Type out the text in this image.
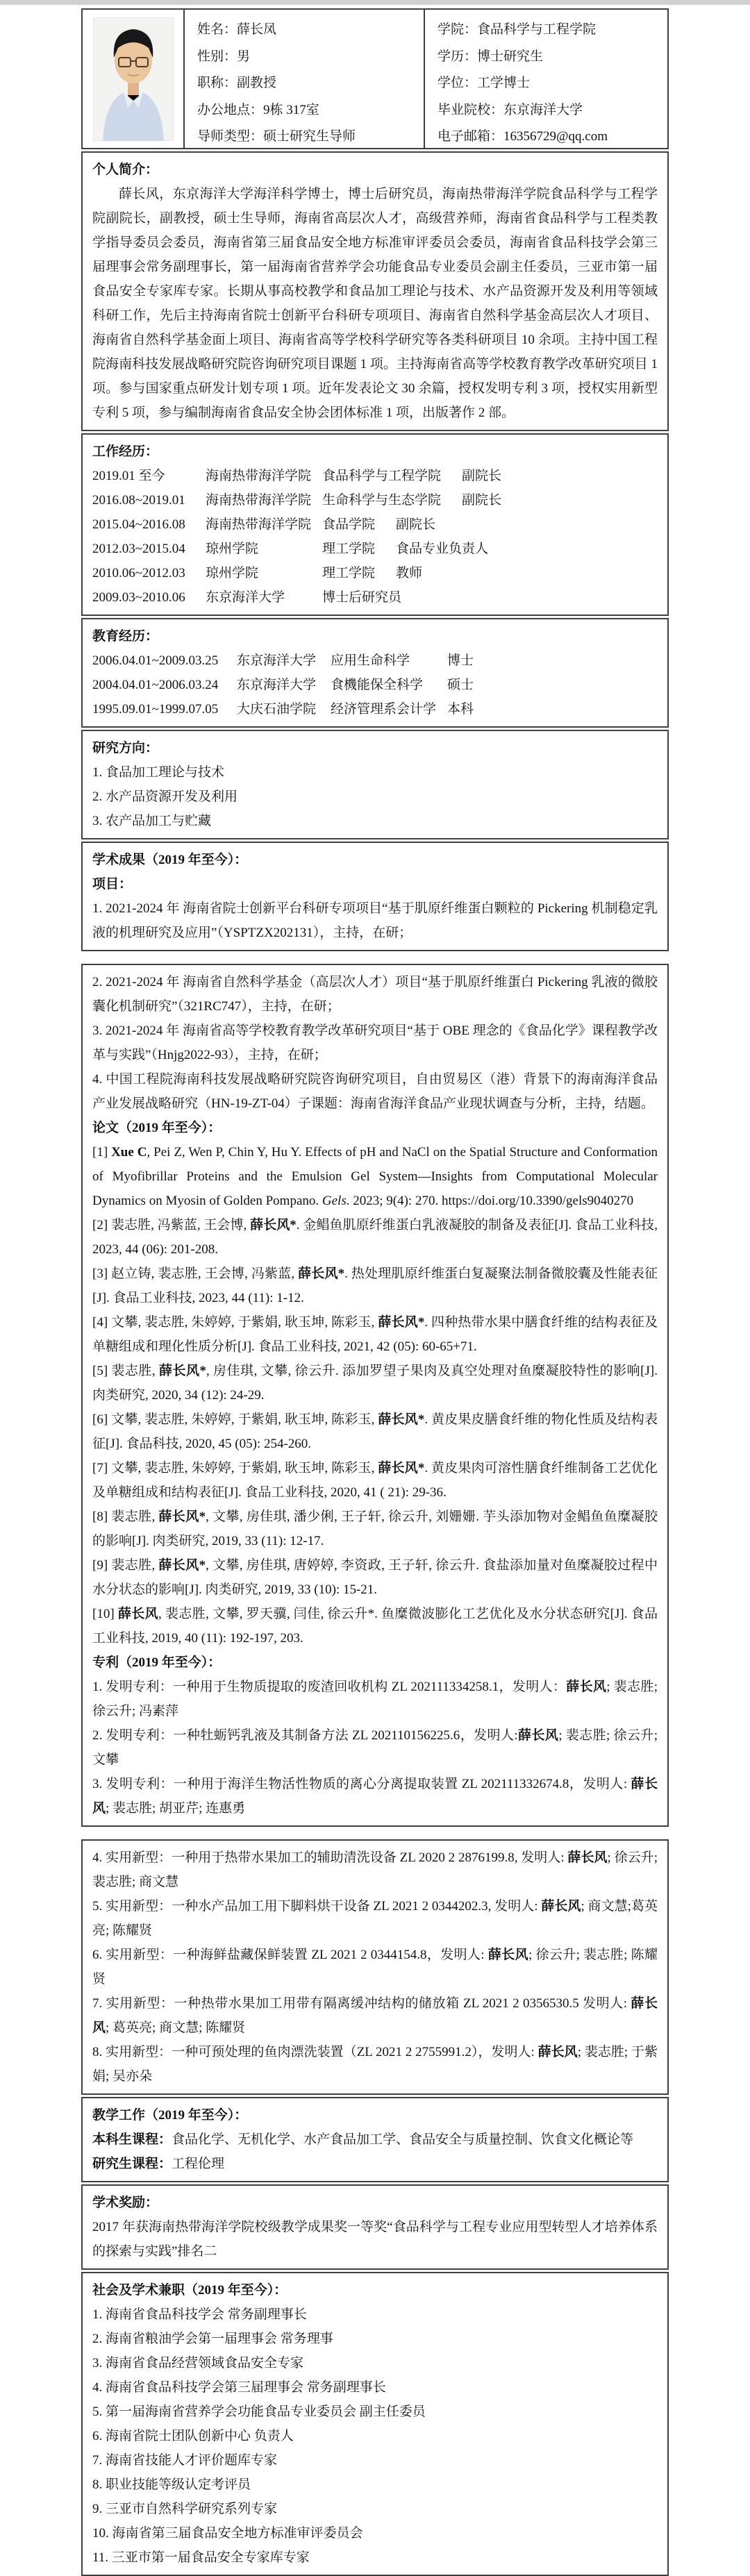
姓名：薛长凤
性别：男
职称：副教授
办公地点：9栋 317室
导师类型：硕士研究生导师
学院：食品科学与工程学院
学历：博士研究生
学位：工学博士
毕业院校：东京海洋大学
电子邮箱：16356729@qq.com
个人简介：

薛长风，东京海洋大学海洋科学博士，博士后研究员，海南热带海洋学院食品科学与工程学院副院长，副教授，硕士生导师，海南省高层次人才，高级营养师，海南省食品科学与工程类教学指导委员会委员，海南省第三届食品安全地方标准审评委员会委员，海南省食品科技学会第三届理事会常务副理事长，第一届海南省营养学会功能食品专业委员会副主任委员，三亚市第一届食品安全专家库专家。长期从事高校教学和食品加工理论与技术、水产品资源开发及利用等领域科研工作，先后主持海南省院士创新平台科研专项项目、海南省自然科学基金高层次人才项目、海南省自然科学基金面上项目、海南省高等学校科学研究等各类科研项目 10 余项。主持中国工程院海南科技发展战略研究院咨询研究项目课题 1 项。主持海南省高等学校教育教学改革研究项目 1 项。参与国家重点研发计划专项 1 项。近年发表论文 30 余篇，授权发明专利 3 项，授权实用新型专利 5 项，参与编制海南省食品安全协会团体标准 1 项，出版著作 2 部。

工作经历：
2019.01 至今	海南热带海洋学院 食品科学与工程学院 副院长
2016.08~2019.01	海南热带海洋学院 生命科学与生态学院 副院长
2015.04~2016.08	海南热带海洋学院 食品学院 副院长
2012.03~2015.04	琼州学院	理工学院 食品专业负责人
2010.06~2012.03	琼州学院	理工学院 教师
2009.03~2010.06	东京海洋大学	博士后研究员
教育经历：
2006.04.01~2009.03.25	东京海洋大学	应用生命科学	博士
2004.04.01~2006.03.24	东京海洋大学	食機能保全科学	硕士
1995.09.01~1999.07.05	大庆石油学院	经济管理系会计学 本科
研究方向：
1. 食品加工理论与技术
2. 水产品资源开发及利用
3. 农产品加工与贮藏
学术成果（2019 年至今）：
项目：

1. 2021-2024 年 海南省院士创新平台科研专项项目“基于肌原纤维蛋白颗粒的 Pickering 机制稳定乳液的机理研究及应用”（YSPTZX202131），主持，在研；

2. 2021-2024 年 海南省自然科学基金（高层次人才）项目“基于肌原纤维蛋白 Pickering 乳液的微胶囊化机制研究”（321RC747），主持，在研；

3. 2021-2024 年 海南省高等学校教育教学改革研究项目“基于 OBE 理念的《食品化学》课程教学改革与实践”（Hnjg2022-93），主持，在研；

4. 中国工程院海南科技发展战略研究院咨询研究项目，自由贸易区（港）背景下的海南海洋食品产业发展战略研究（HN-19-ZT-04）子课题：海南省海洋食品产业现状调查与分析，主持，结题。

论文（2019 年至今）：

[1] Xue C, Pei Z, Wen P, Chin Y, Hu Y. Effects of pH and NaCl on the Spatial Structure and Conformation of Myofibrillar Proteins and the Emulsion Gel System—Insights from Computational Molecular Dynamics on Myosin of Golden Pompano. Gels. 2023; 9(4): 270. https://doi.org/10.3390/gels9040270

[2] 裴志胜, 冯紫蓝, 王会博, 薛长风*. 金鲳鱼肌原纤维蛋白乳液凝胶的制备及表征[J]. 食品工业科技, 2023, 44 (06): 201-208.

[3] 赵立铸, 裴志胜, 王会博, 冯紫蓝, 薛长风*. 热处理肌原纤维蛋白复凝聚法制备微胶囊及性能表征[J]. 食品工业科技, 2023, 44 (11): 1-12.

[4] 文攀, 裴志胜, 朱婷婷, 于紫娟, 耿玉坤, 陈彩玉, 薛长风*. 四种热带水果中膳食纤维的结构表征及单糖组成和理化性质分析[J]. 食品工业科技, 2021, 42 (05): 60-65+71.

[5] 裴志胜, 薛长风*, 房佳琪, 文攀, 徐云升. 添加罗望子果肉及真空处理对鱼糜凝胶特性的影响[J]. 肉类研究, 2020, 34 (12): 24-29.

[6] 文攀, 裴志胜, 朱婷婷, 于紫娟, 耿玉坤, 陈彩玉, 薛长风*. 黄皮果皮膳食纤维的物化性质及结构表征[J]. 食品科技, 2020, 45 (05): 254-260.

[7] 文攀, 裴志胜, 朱婷婷, 于紫娟, 耿玉坤, 陈彩玉, 薛长风*. 黄皮果肉可溶性膳食纤维制备工艺优化及单糖组成和结构表征[J]. 食品工业科技, 2020, 41 ( 21): 29-36.

[8] 裴志胜, 薛长风*, 文攀, 房佳琪, 潘少俐, 王子轩, 徐云升, 刘姗姗. 芋头添加物对金鲳鱼鱼糜凝胶的影响[J]. 肉类研究, 2019, 33 (11): 12-17.

[9] 裴志胜, 薛长风*, 文攀, 房佳琪, 唐婷婷, 李资政, 王子轩, 徐云升. 食盐添加量对鱼糜凝胶过程中水分状态的影响[J]. 肉类研究, 2019, 33 (10): 15-21.

[10] 薛长风, 裴志胜, 文攀, 罗天骥, 闫佳, 徐云升*. 鱼糜微波膨化工艺优化及水分状态研究[J]. 食品工业科技, 2019, 40 (11): 192-197, 203.

专利（2019 年至今）：

1. 发明专利：一种用于生物质提取的废渣回收机构 ZL 202111334258.1，发明人：薛长风; 裴志胜; 徐云升; 冯素萍

2. 发明专利：一种牡蛎钙乳液及其制备方法 ZL 202110156225.6，发明人:薛长风; 裴志胜; 徐云升; 文攀

3. 发明专利：一种用于海洋生物活性物质的离心分离提取装置 ZL 202111332674.8，发明人: 薛长风; 裴志胜; 胡亚芹; 连惠勇

4. 实用新型：一种用于热带水果加工的辅助清洗设备 ZL 2020 2 2876199.8, 发明人: 薛长风; 徐云升; 裴志胜; 商文慧

5. 实用新型：一种水产品加工用下脚料烘干设备 ZL 2021 2 0344202.3, 发明人: 薛长风; 商文慧;葛英亮; 陈耀贤

6. 实用新型：一种海鲜盐藏保鲜装置 ZL 2021 2 0344154.8，发明人: 薛长风; 徐云升; 裴志胜; 陈耀贤

7. 实用新型：一种热带水果加工用带有隔离缓冲结构的储放箱 ZL 2021 2 0356530.5 发明人: 薛长风; 葛英亮; 商文慧; 陈耀贤

8. 实用新型：一种可预处理的鱼肉漂洗装置（ZL 2021 2 2755991.2），发明人: 薛长风; 裴志胜; 于紫娟; 吴亦朵

教学工作（2019 年至今）：
本科生课程：食品化学、无机化学、水产食品加工学、食品安全与质量控制、饮食文化概论等
研究生课程：工程伦理
学术奖励：

2017 年获海南热带海洋学院校级教学成果奖一等奖“食品科学与工程专业应用型转型人才培养体系的探索与实践”排名二

社会及学术兼职（2019 年至今）：
1. 海南省食品科技学会 常务副理事长
2. 海南省粮油学会第一届理事会 常务理事
3. 海南省食品经营领域食品安全专家
4. 海南省食品科技学会第三届理事会 常务副理事长
5. 第一届海南省营养学会功能食品专业委员会 副主任委员
6. 海南省院士团队创新中心 负责人
7. 海南省技能人才评价题库专家
8. 职业技能等级认定考评员
9. 三亚市自然科学研究系列专家
10. 海南省第三届食品安全地方标准审评委员会
11. 三亚市第一届食品安全专家库专家
